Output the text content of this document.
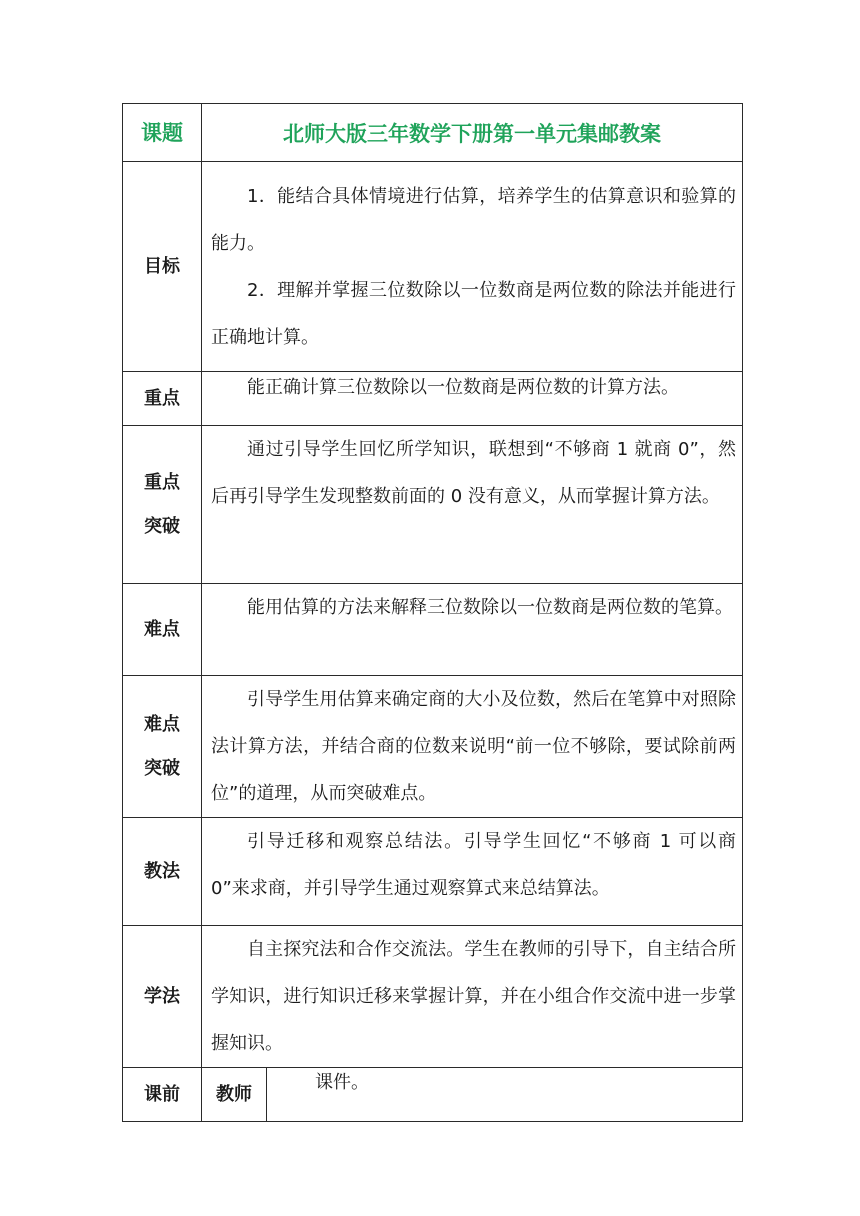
课题	北师大版三年数学下册第一单元集邮教案	
目标	1．能结合具体情境进行估算，培养学生的估算意识和验算的能力。

2．理解并掌握三位数除以一位数商是两位数的除法并能进行正确地计算。	

重点	能正确计算三位数除以一位数商是两位数的计算方法。	

重点
突破	通过引导学生回忆所学知识，联想到“不够商 1 就商 0”，然后再引导学生发现整数前面的 0 没有意义，从而掌握计算方法。	

难点	能用估算的方法来解释三位数除以一位数商是两位数的笔算。	

难点
突破	引导学生用估算来确定商的大小及位数，然后在笔算中对照除法计算方法，并结合商的位数来说明“前一位不够除，要试除前两位”的道理，从而突破难点。	

教法	引导迁移和观察总结法。引导学生回忆“不够商 1 可以商 0”来求商，并引导学生通过观察算式来总结算法。	

学法	自主探究法和合作交流法。学生在教师的引导下，自主结合所学知识，进行知识迁移来掌握计算，并在小组合作交流中进一步掌握知识。	

课前	教师	课件。
